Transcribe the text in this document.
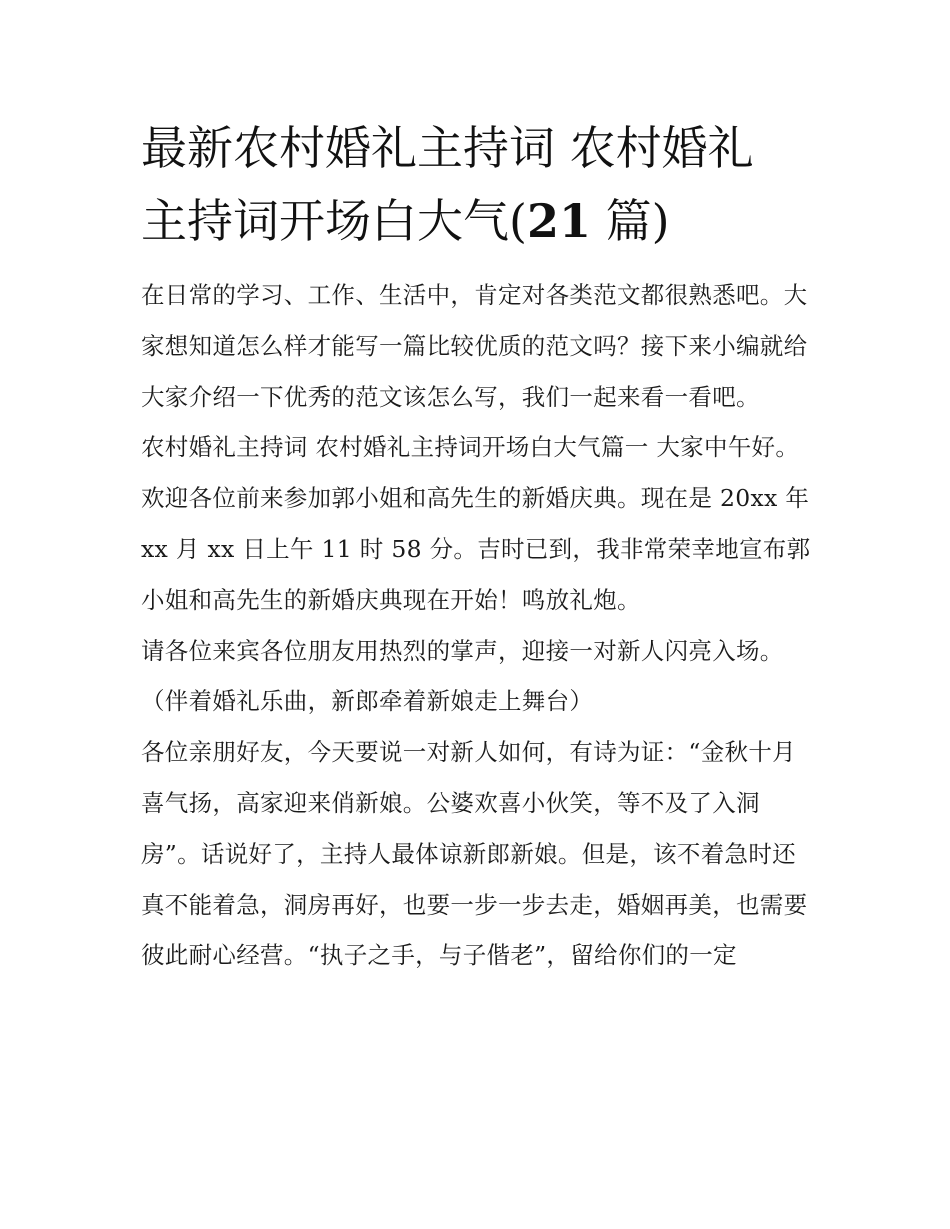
最新农村婚礼主持词 农村婚礼
主持词开场白大气(21 篇)

在日常的学习、工作、生活中，肯定对各类范文都很熟悉吧。大家想知道怎么样才能写一篇比较优质的范文吗？接下来小编就给大家介绍一下优秀的范文该怎么写，我们一起来看一看吧。

农村婚礼主持词 农村婚礼主持词开场白大气篇一 大家中午好。

欢迎各位前来参加郭小姐和高先生的新婚庆典。现在是 20xx 年 xx 月 xx 日上午 11 时 58 分。吉时已到，我非常荣幸地宣布郭小姐和高先生的新婚庆典现在开始！鸣放礼炮。

请各位来宾各位朋友用热烈的掌声，迎接一对新人闪亮入场。（伴着婚礼乐曲，新郎牵着新娘走上舞台）

各位亲朋好友，今天要说一对新人如何，有诗为证：“金秋十月喜气扬，高家迎来俏新娘。公婆欢喜小伙笑，等不及了入洞房”。话说好了，主持人最体谅新郎新娘。但是，该不着急时还真不能着急，洞房再好，也要一步一步去走，婚姻再美，也需要彼此耐心经营。“执子之手，与子偕老”，留给你们的一定
